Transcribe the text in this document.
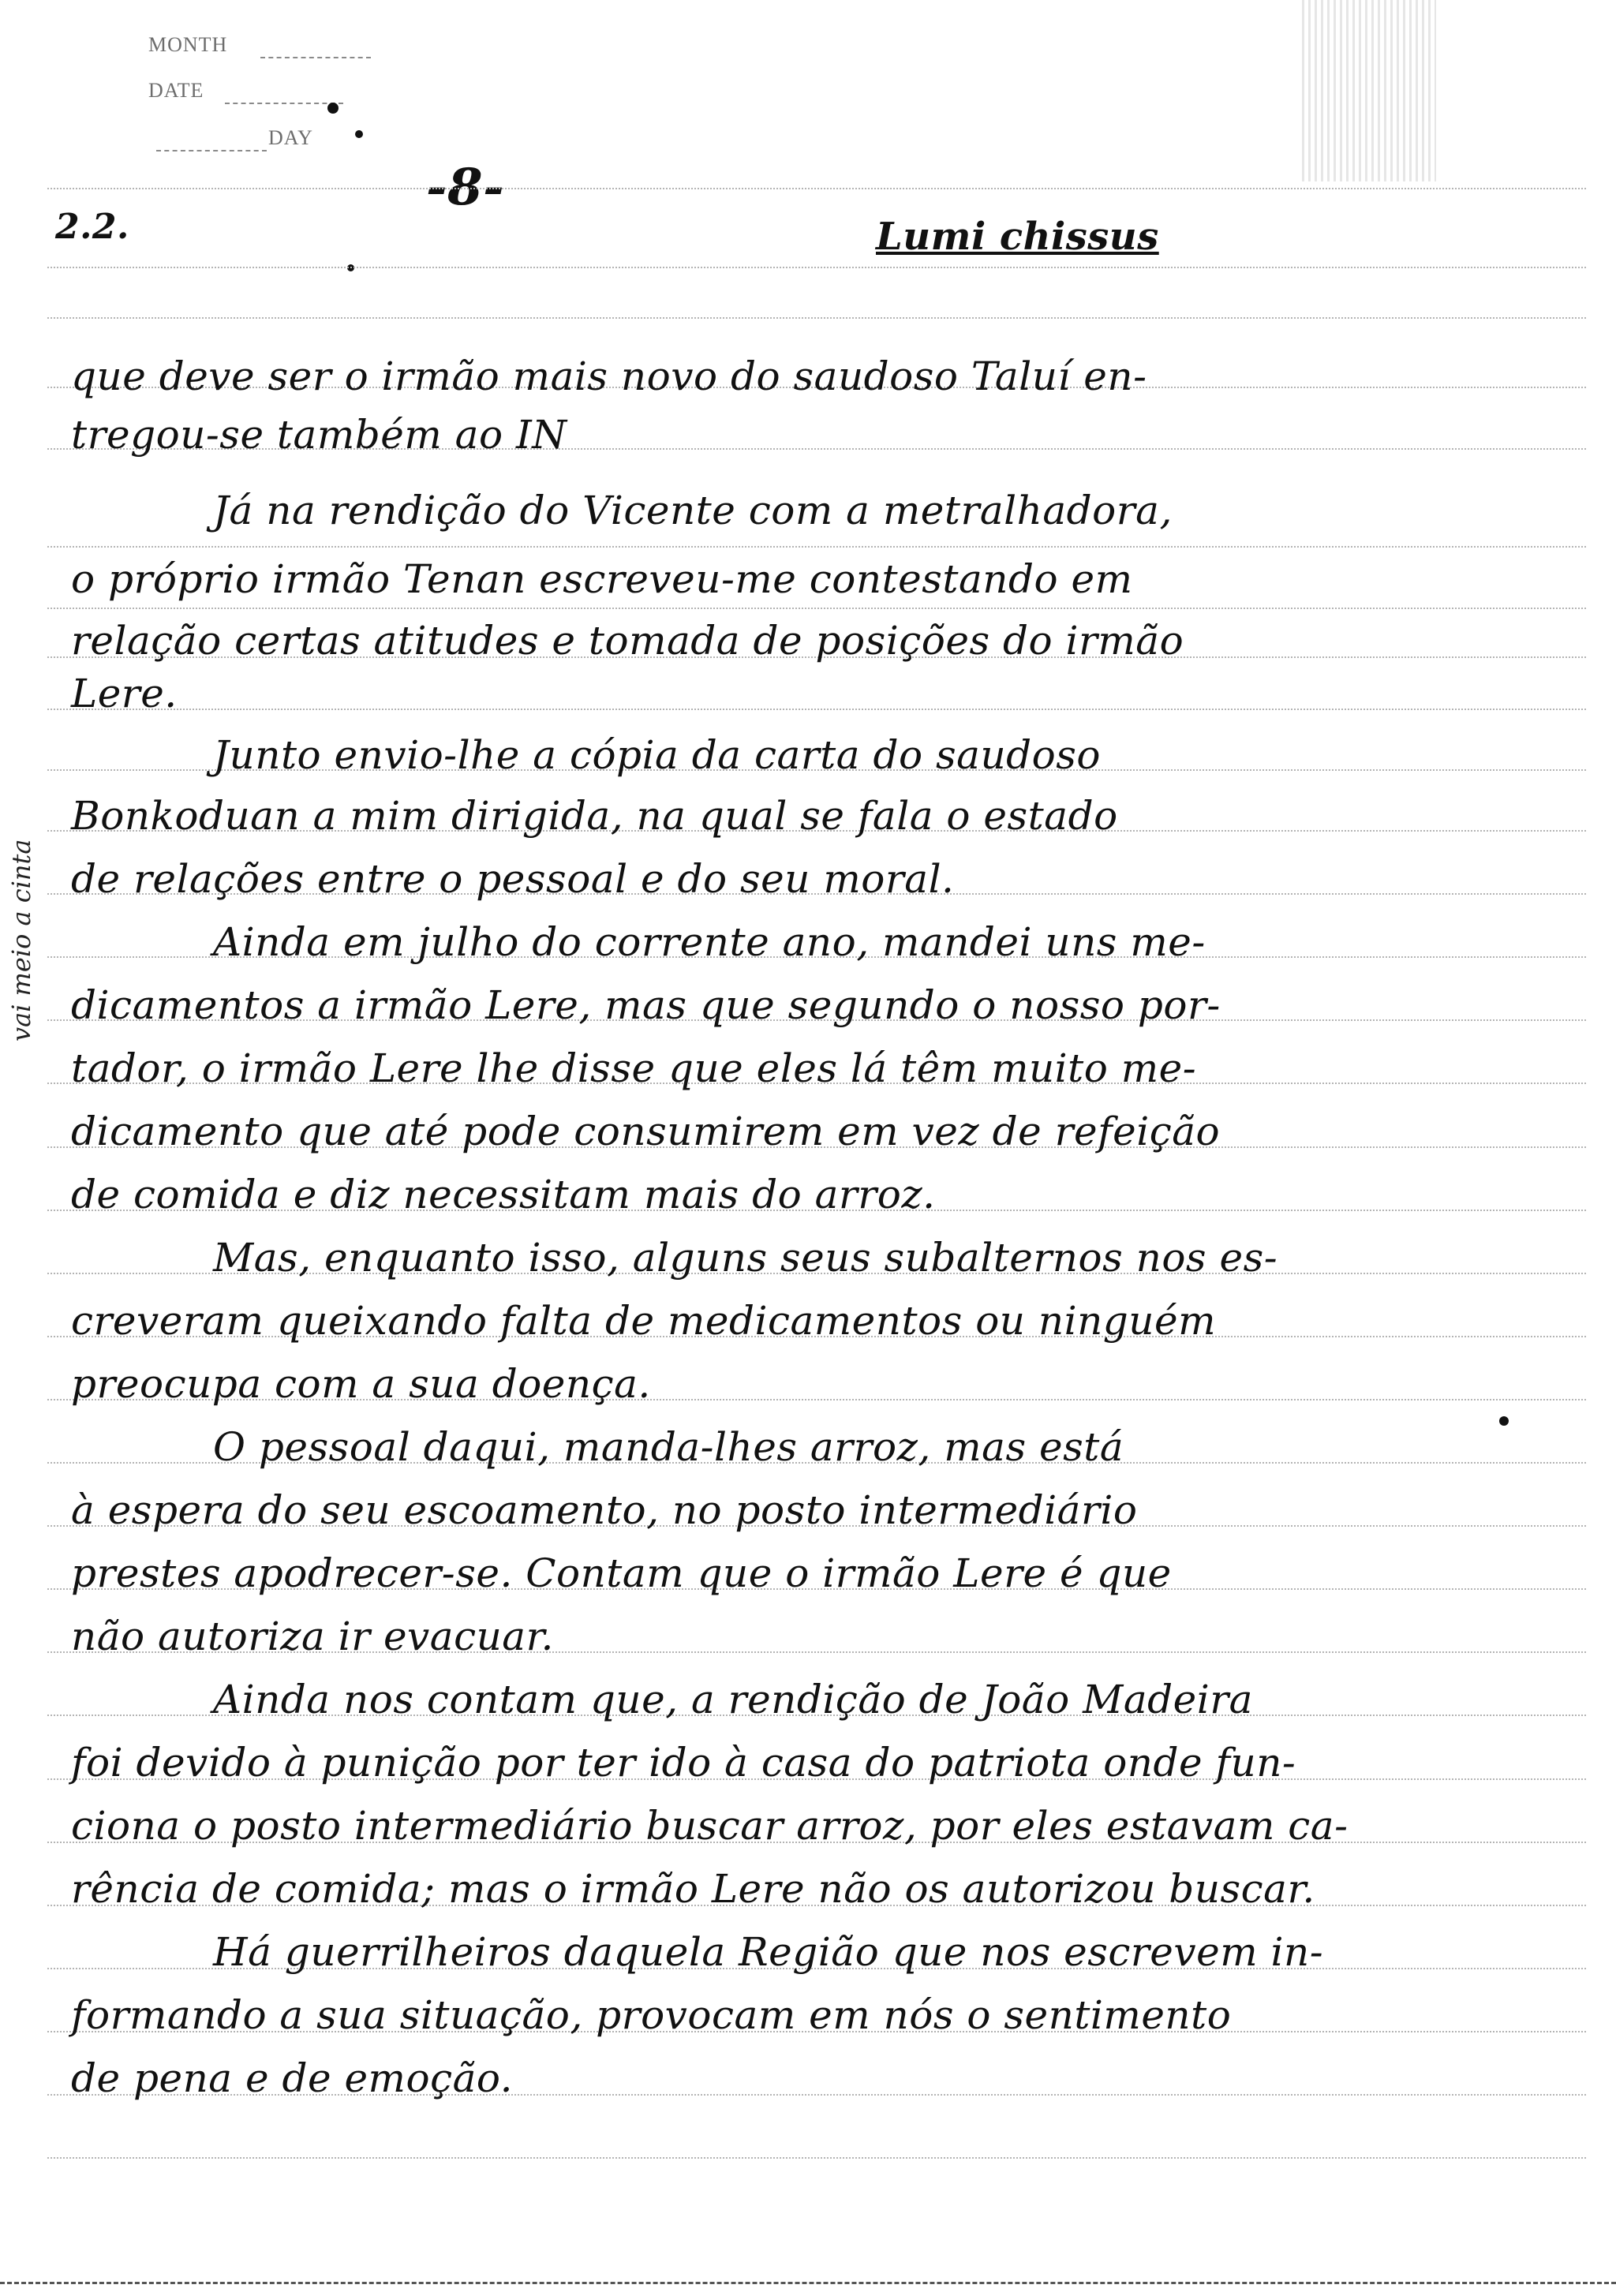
MONTH
DATE
DAY
-8-
2.2.	Lumi chissus
vai meio a cinta
que deve ser o irmão mais novo do saudoso Taluí en-
tregou-se também ao IN
Já na rendição do Vicente com a metralhadora,
o próprio irmão Tenan escreveu-me contestando em
relação certas atitudes e tomada de posições do irmão
Lere.
Junto envio-lhe a cópia da carta do saudoso
Bonkoduan a mim dirigida, na qual se fala o estado
de relações entre o pessoal e do seu moral.
Ainda em julho do corrente ano, mandei uns me-
dicamentos a irmão Lere, mas que segundo o nosso por-
tador, o irmão Lere lhe disse que eles lá têm muito me-
dicamento que até pode consumirem em vez de refeição
de comida e diz necessitam mais do arroz.
Mas, enquanto isso, alguns seus subalternos nos es-
creveram queixando falta de medicamentos ou ninguém
preocupa com a sua doença.
O pessoal daqui, manda-lhes arroz, mas está
à espera do seu escoamento, no posto intermediário
prestes apodrecer-se. Contam que o irmão Lere é que
não autoriza ir evacuar.
Ainda nos contam que, a rendição de João Madeira
foi devido à punição por ter ido à casa do patriota onde fun-
ciona o posto intermediário buscar arroz, por eles estavam ca-
rência de comida; mas o irmão Lere não os autorizou buscar.
Há guerrilheiros daquela Região que nos escrevem in-
formando a sua situação, provocam em nós o sentimento
de pena e de emoção.
